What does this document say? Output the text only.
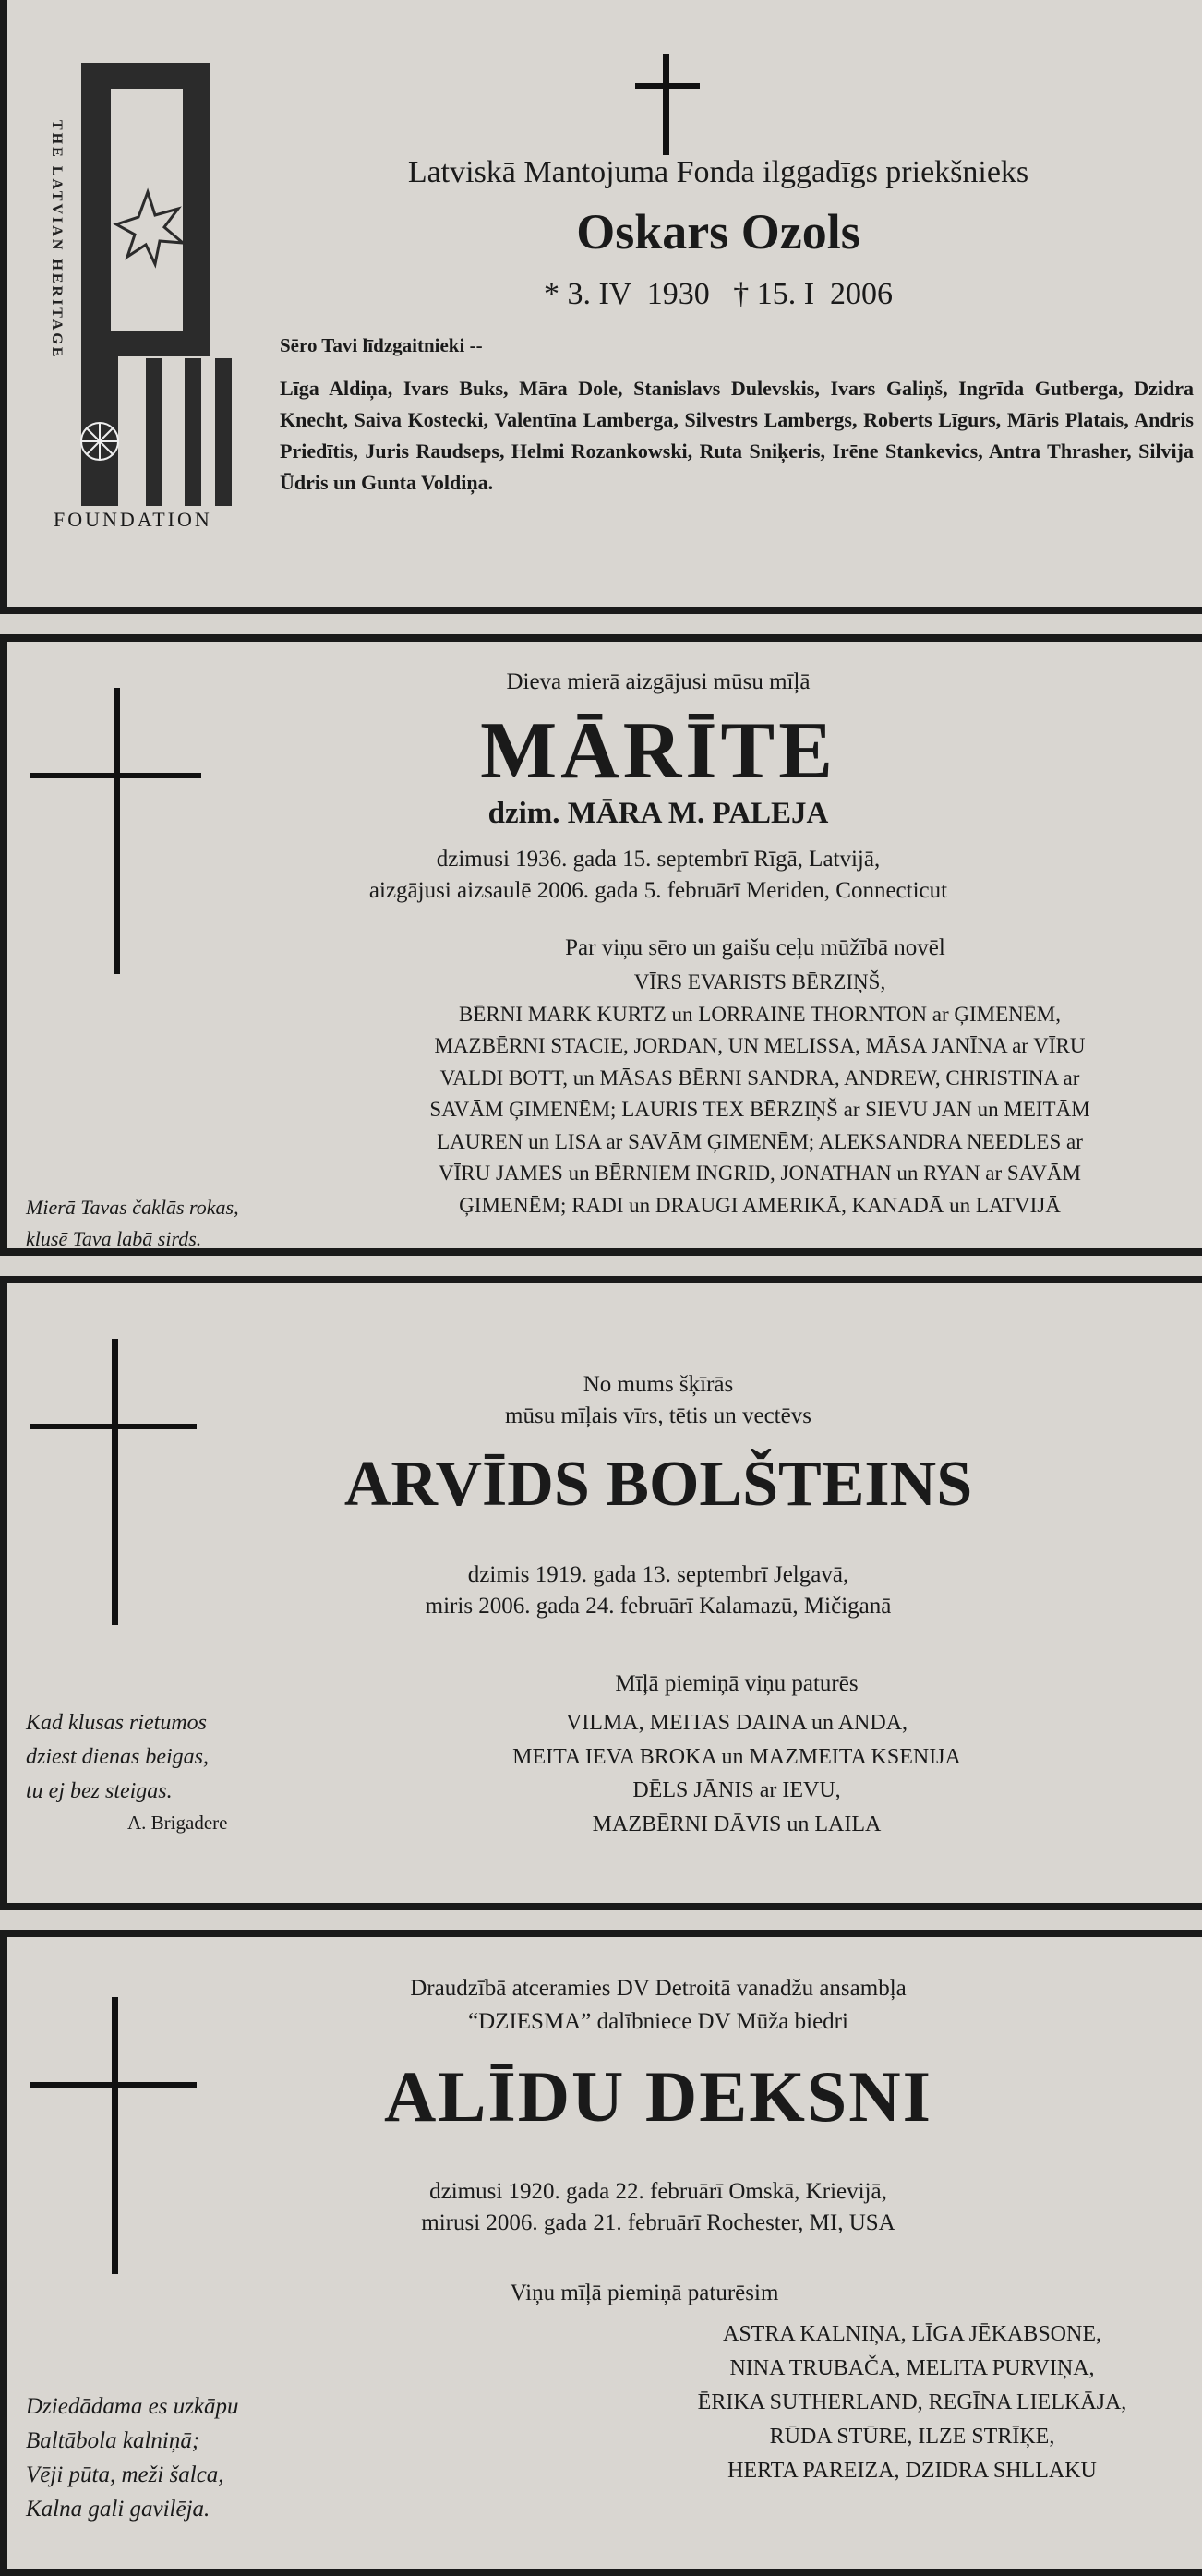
THE LATVIAN HERITAGE
FOUNDATION
Latviskā Mantojuma Fonda ilggadīgs priekšnieks
Oskars Ozols
* 3. IV  1930   † 15. I  2006
Sēro Tavi līdzgaitnieki --
Līga Aldiņa, Ivars Buks, Māra Dole, Stanislavs Dulevskis, Ivars Galiņš, Ingrīda Gutberga, Dzidra Knecht, Saiva Kostecki, Valentīna Lamberga, Silvestrs Lambergs, Roberts Līgurs, Māris Platais, Andris Priedītis, Juris Raudseps, Helmi Rozankowski, Ruta Sniķeris, Irēne Stankevics, Antra Thrasher, Silvija Ūdris un Gunta Voldiņa.
Dieva mierā aizgājusi mūsu mīļā
MĀRĪTE
dzim. MĀRA M. PALEJA
dzimusi 1936. gada 15. septembrī Rīgā, Latvijā,
aizgājusi aizsaulē 2006. gada 5. februārī Meriden, Connecticut
Par viņu sēro un gaišu ceļu mūžībā novēl
VĪRS EVARISTS BĒRZIŅŠ,
BĒRNI MARK KURTZ un LORRAINE THORNTON ar ĢIMENĒM,
MAZBĒRNI STACIE, JORDAN, UN MELISSA, MĀSA JANĪNA ar VĪRU
VALDI BOTT, un MĀSAS BĒRNI SANDRA, ANDREW, CHRISTINA ar
SAVĀM ĢIMENĒM; LAURIS TEX BĒRZIŅŠ ar SIEVU JAN un MEITĀM
LAUREN un LISA ar SAVĀM ĢIMENĒM; ALEKSANDRA NEEDLES ar
VĪRU JAMES un BĒRNIEM INGRID, JONATHAN un RYAN ar SAVĀM
ĢIMENĒM; RADI un DRAUGI AMERIKĀ, KANADĀ un LATVIJĀ
Mierā Tavas čaklās rokas,
klusē Tava labā sirds.
No mums šķīrās
mūsu mīļais vīrs, tētis un vectēvs
ARVĪDS BOLŠTEINS
dzimis 1919. gada 13. septembrī Jelgavā,
miris 2006. gada 24. februārī Kalamazū, Mičiganā
Mīļā piemiņā viņu paturēs
VILMA, MEITAS DAINA un ANDA,
MEITA IEVA BROKA un MAZMEITA KSENIJA
DĒLS JĀNIS ar IEVU,
MAZBĒRNI DĀVIS un LAILA
Kad klusas rietumos
dziest dienas beigas,
tu ej bez steigas.
A. Brigadere
Draudzībā atceramies DV Detroitā vanadžu ansambļa
“DZIESMA” dalībniece DV Mūža biedri
ALĪDU DEKSNI
dzimusi 1920. gada 22. februārī Omskā, Krievijā,
mirusi 2006. gada 21. februārī Rochester, MI, USA
Viņu mīļā piemiņā paturēsim
ASTRA KALNIŅA, LĪGA JĒKABSONE,
NINA TRUBAČA, MELITA PURVIŅA,
ĒRIKA SUTHERLAND, REGĪNA LIELKĀJA,
RŪDA STŪRE, ILZE STRĪĶE,
HERTA PAREIZA, DZIDRA SHLLAKU
Dziedādama es uzkāpu
Baltābola kalniņā;
Vēji pūta, meži šalca,
Kalna gali gavilēja.
